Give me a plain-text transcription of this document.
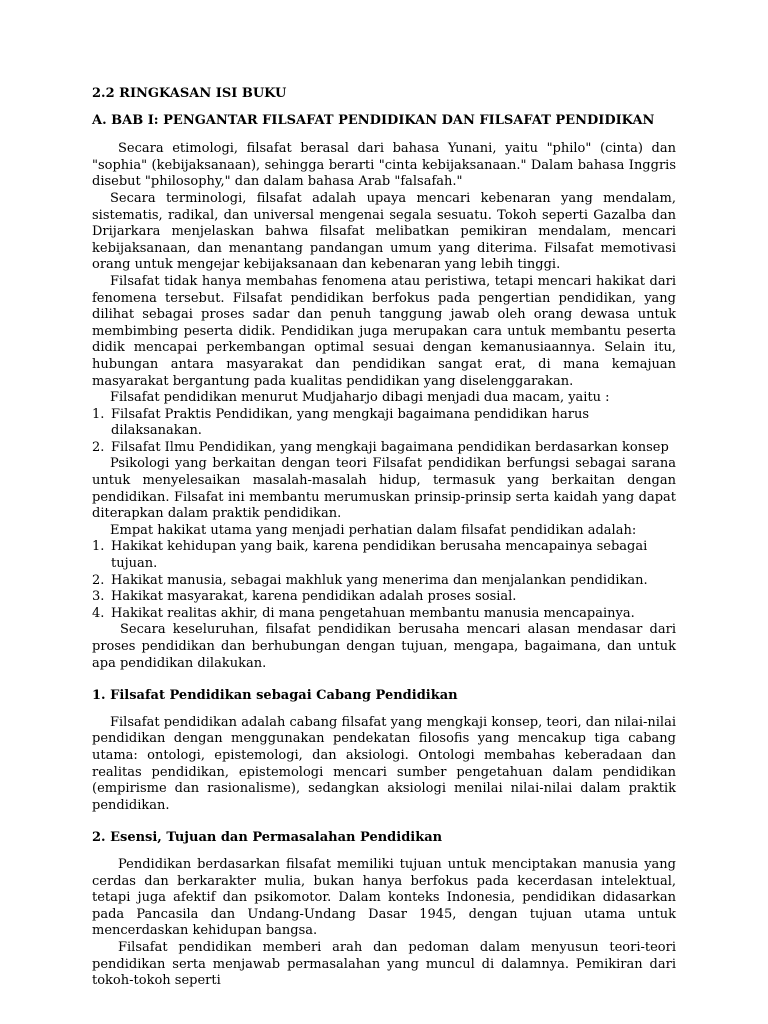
2.2 RINGKASAN ISI BUKU
A. BAB I: PENGANTAR FILSAFAT PENDIDIKAN DAN FILSAFAT PENDIDIKAN

Secara etimologi, filsafat berasal dari bahasa Yunani, yaitu "philo" (cinta) dan "sophia" (kebijaksanaan), sehingga berarti "cinta kebijaksanaan." Dalam bahasa Inggris disebut "philosophy," dan dalam bahasa Arab "falsafah."

Secara terminologi, filsafat adalah upaya mencari kebenaran yang mendalam, sistematis, radikal, dan universal mengenai segala sesuatu. Tokoh seperti Gazalba dan Drijarkara menjelaskan bahwa filsafat melibatkan pemikiran mendalam, mencari kebijaksanaan, dan menantang pandangan umum yang diterima. Filsafat memotivasi orang untuk mengejar kebijaksanaan dan kebenaran yang lebih tinggi.

Filsafat tidak hanya membahas fenomena atau peristiwa, tetapi mencari hakikat dari fenomena tersebut. Filsafat pendidikan berfokus pada pengertian pendidikan, yang dilihat sebagai proses sadar dan penuh tanggung jawab oleh orang dewasa untuk membimbing peserta didik. Pendidikan juga merupakan cara untuk membantu peserta didik mencapai perkembangan optimal sesuai dengan kemanusiaannya. Selain itu, hubungan antara masyarakat dan pendidikan sangat erat, di mana kemajuan masyarakat bergantung pada kualitas pendidikan yang diselenggarakan.

Filsafat pendidikan menurut Mudjaharjo dibagi menjadi dua macam, yaitu :

1. Filsafat Praktis Pendidikan, yang mengkaji bagaimana pendidikan harus dilaksanakan.
2. Filsafat Ilmu Pendidikan, yang mengkaji bagaimana pendidikan berdasarkan konsep

Psikologi yang berkaitan dengan teori Filsafat pendidikan berfungsi sebagai sarana untuk menyelesaikan masalah-masalah hidup, termasuk yang berkaitan dengan pendidikan. Filsafat ini membantu merumuskan prinsip-prinsip serta kaidah yang dapat diterapkan dalam praktik pendidikan.

Empat hakikat utama yang menjadi perhatian dalam filsafat pendidikan adalah:

1. Hakikat kehidupan yang baik, karena pendidikan berusaha mencapainya sebagai tujuan.
2. Hakikat manusia, sebagai makhluk yang menerima dan menjalankan pendidikan.
3. Hakikat masyarakat, karena pendidikan adalah proses sosial.
4. Hakikat realitas akhir, di mana pengetahuan membantu manusia mencapainya.

Secara keseluruhan, filsafat pendidikan berusaha mencari alasan mendasar dari proses pendidikan dan berhubungan dengan tujuan, mengapa, bagaimana, dan untuk apa pendidikan dilakukan.

1. Filsafat Pendidikan sebagai Cabang Pendidikan

Filsafat pendidikan adalah cabang filsafat yang mengkaji konsep, teori, dan nilai-nilai pendidikan dengan menggunakan pendekatan filosofis yang mencakup tiga cabang utama: ontologi, epistemologi, dan aksiologi. Ontologi membahas keberadaan dan realitas pendidikan, epistemologi mencari sumber pengetahuan dalam pendidikan (empirisme dan rasionalisme), sedangkan aksiologi menilai nilai-nilai dalam praktik pendidikan.

2. Esensi, Tujuan dan Permasalahan Pendidikan

Pendidikan berdasarkan filsafat memiliki tujuan untuk menciptakan manusia yang cerdas dan berkarakter mulia, bukan hanya berfokus pada kecerdasan intelektual, tetapi juga afektif dan psikomotor. Dalam konteks Indonesia, pendidikan didasarkan pada Pancasila dan Undang-Undang Dasar 1945, dengan tujuan utama untuk mencerdaskan kehidupan bangsa.

Filsafat pendidikan memberi arah dan pedoman dalam menyusun teori-teori pendidikan serta menjawab permasalahan yang muncul di dalamnya. Pemikiran dari tokoh-tokoh seperti
